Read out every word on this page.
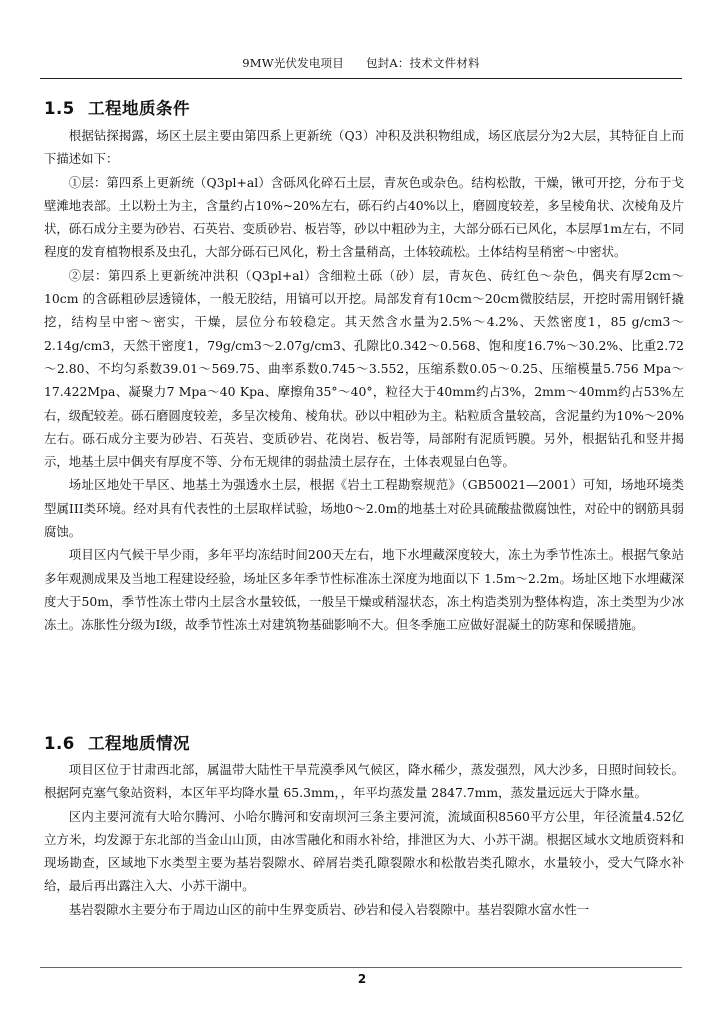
9MW光伏发电项目 包封A：技术文件材料
1.5 工程地质条件

根据钻探揭露，场区土层主要由第四系上更新统（Q3）冲积及洪积物组成，场区底层分为2大层，其特征自上而下描述如下：

①层：第四系上更新统（Q3pl+al）含砾风化碎石土层，青灰色或杂色。结构松散，干燥，锹可开挖，分布于戈壁滩地表部。土以粉土为主，含量约占10%~20%左右，砾石约占40%以上，磨圆度较差，多呈棱角状、次棱角及片状，砾石成分主要为砂岩、石英岩、变质砂岩、板岩等，砂以中粗砂为主，大部分砾石已风化，本层厚1m左右，不同程度的发育植物根系及虫孔，大部分砾石已风化，粉土含量稍高，土体较疏松。土体结构呈稍密～中密状。

②层：第四系上更新统冲洪积（Q3pl+al）含细粒土砾（砂）层，青灰色、砖红色～杂色，偶夹有厚2cm～10cm 的含砾粗砂层透镜体，一般无胶结，用镐可以开挖。局部发育有10cm～20cm微胶结层，开挖时需用钢钎撬挖，结构呈中密～密实，干燥，层位分布较稳定。其天然含水量为2.5%～4.2%、天然密度1，85 g/cm3～2.14g/cm3，天然干密度1，79g/cm3～2.07g/cm3、孔隙比0.342～0.568、饱和度16.7%～30.2%、比重2.72～2.80、不均匀系数39.01～569.75、曲率系数0.745～3.552，压缩系数0.05～0.25、压缩模量5.756 Mpa～17.422Mpa、凝聚力7 Mpa～40 Kpa、摩擦角35°～40°，粒径大于40mm约占3%，2mm～40mm约占53%左右，级配较差。砾石磨圆度较差，多呈次棱角、棱角状。砂以中粗砂为主。粘粒质含量较高，含泥量约为10%～20%左右。砾石成分主要为砂岩、石英岩、变质砂岩、花岗岩、板岩等，局部附有泥质钙膜。另外，根据钻孔和竖井揭示，地基土层中偶夹有厚度不等、分布无规律的弱盐渍土层存在，土体表观显白色等。

场址区地处干旱区、地基土为强透水土层，根据《岩土工程勘察规范》（GB50021—2001）可知，场地环境类型属III类环境。经对具有代表性的土层取样试验，场地0～2.0m的地基土对砼具硫酸盐微腐蚀性，对砼中的钢筋具弱腐蚀。

项目区内气候干旱少雨，多年平均冻结时间200天左右，地下水埋藏深度较大，冻土为季节性冻土。根据气象站多年观测成果及当地工程建设经验，场址区多年季节性标准冻土深度为地面以下 1.5m～2.2m。场址区地下水埋藏深度大于50m，季节性冻土带内土层含水量较低，一般呈干燥或稍湿状态，冻土构造类别为整体构造，冻土类型为少冰冻土。冻胀性分级为Ⅰ级，故季节性冻土对建筑物基础影响不大。但冬季施工应做好混凝土的防寒和保暖措施。

1.6 工程地质情况

项目区位于甘肃西北部，属温带大陆性干旱荒漠季风气候区，降水稀少，蒸发强烈，风大沙多，日照时间较长。根据阿克塞气象站资料，本区年平均降水量 65.3mm，，年平均蒸发量 2847.7mm，蒸发量远远大于降水量。

区内主要河流有大哈尔腾河、小哈尔腾河和安南坝河三条主要河流，流域面积8560平方公里，年径流量4.52亿立方米，均发源于东北部的当金山山顶，由冰雪融化和雨水补给，排泄区为大、小苏干湖。根据区域水文地质资料和现场勘查，区域地下水类型主要为基岩裂隙水、碎屑岩类孔隙裂隙水和松散岩类孔隙水，水量较小，受大气降水补给，最后再出露注入大、小苏干湖中。

基岩裂隙水主要分布于周边山区的前中生界变质岩、砂岩和侵入岩裂隙中。基岩裂隙水富水性一

2
